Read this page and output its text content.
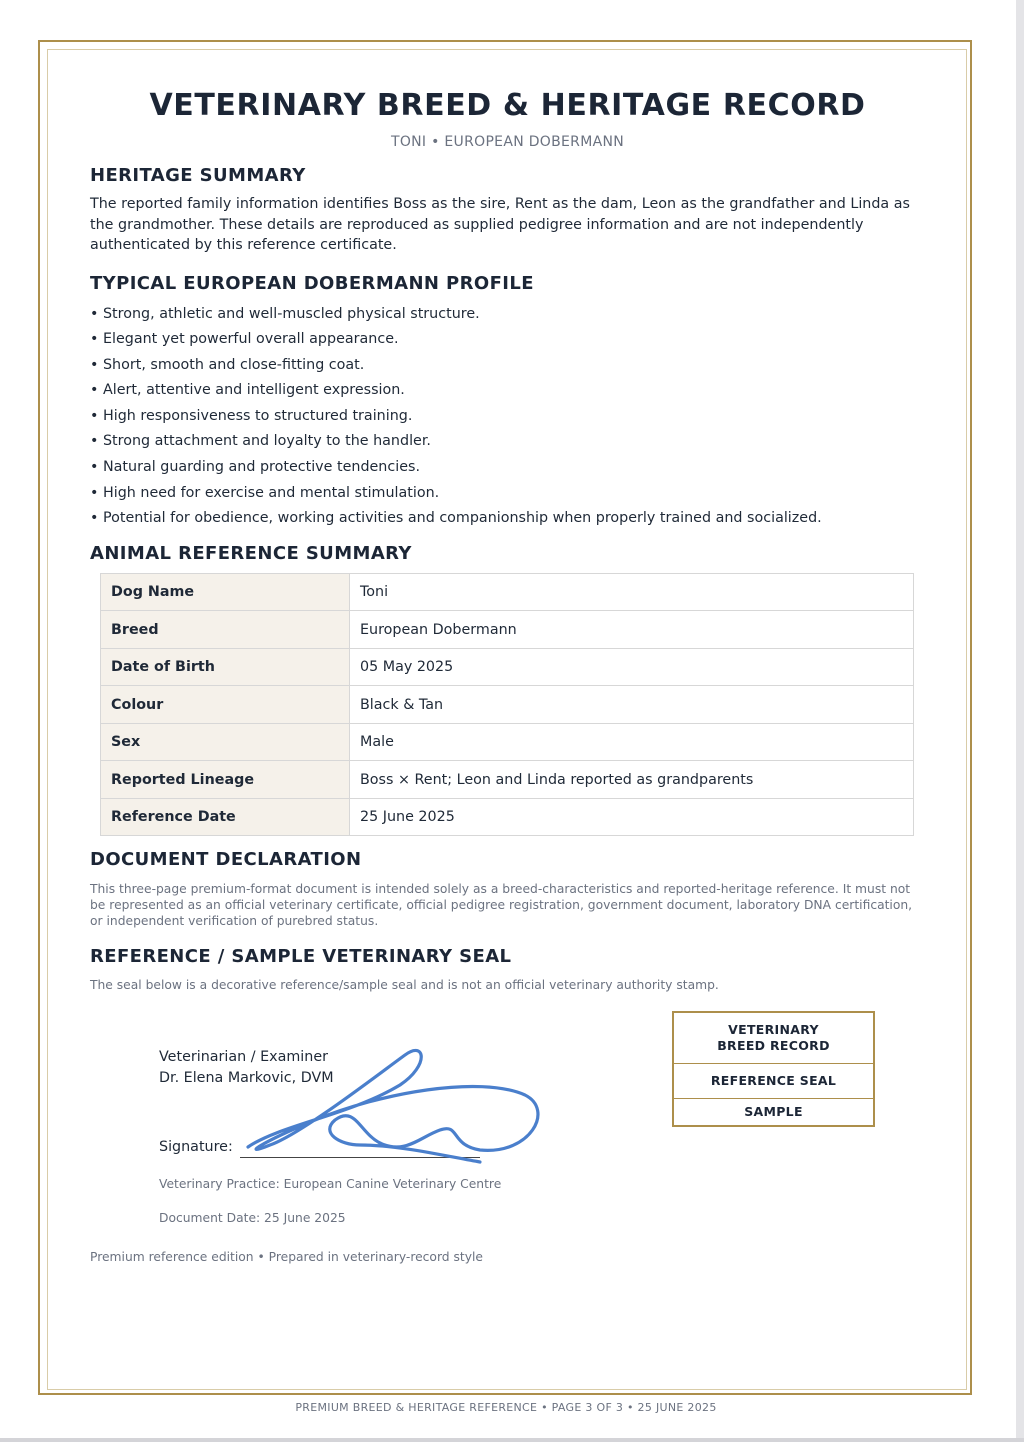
VETERINARY BREED & HERITAGE RECORD
TONI • EUROPEAN DOBERMANN
HERITAGE SUMMARY

The reported family information identifies Boss as the sire, Rent as the dam, Leon as the grandfather and Linda as the grandmother. These details are reproduced as supplied pedigree information and are not independently authenticated by this reference certificate.

TYPICAL EUROPEAN DOBERMANN PROFILE
• Strong, athletic and well-muscled physical structure.
• Elegant yet powerful overall appearance.
• Short, smooth and close-fitting coat.
• Alert, attentive and intelligent expression.
• High responsiveness to structured training.
• Strong attachment and loyalty to the handler.
• Natural guarding and protective tendencies.
• High need for exercise and mental stimulation.
• Potential for obedience, working activities and companionship when properly trained and socialized.
ANIMAL REFERENCE SUMMARY
Dog Name	Toni
Breed	European Dobermann
Date of Birth	05 May 2025
Colour	Black & Tan
Sex	Male
Reported Lineage	Boss × Rent; Leon and Linda reported as grandparents
Reference Date	25 June 2025
DOCUMENT DECLARATION

This three-page premium-format document is intended solely as a breed-characteristics and reported-heritage reference. It must not be represented as an official veterinary certificate, official pedigree registration, government document, laboratory DNA certification, or independent verification of purebred status.

REFERENCE / SAMPLE VETERINARY SEAL

The seal below is a decorative reference/sample seal and is not an official veterinary authority stamp.

Veterinarian / Examiner
Dr. Elena Markovic, DVM
Signature:
Veterinary Practice: European Canine Veterinary Centre
Document Date: 25 June 2025
Premium reference edition • Prepared in veterinary-record style
VETERINARY
BREED RECORD
REFERENCE SEAL
SAMPLE
PREMIUM BREED & HERITAGE REFERENCE • PAGE 3 OF 3 • 25 JUNE 2025
